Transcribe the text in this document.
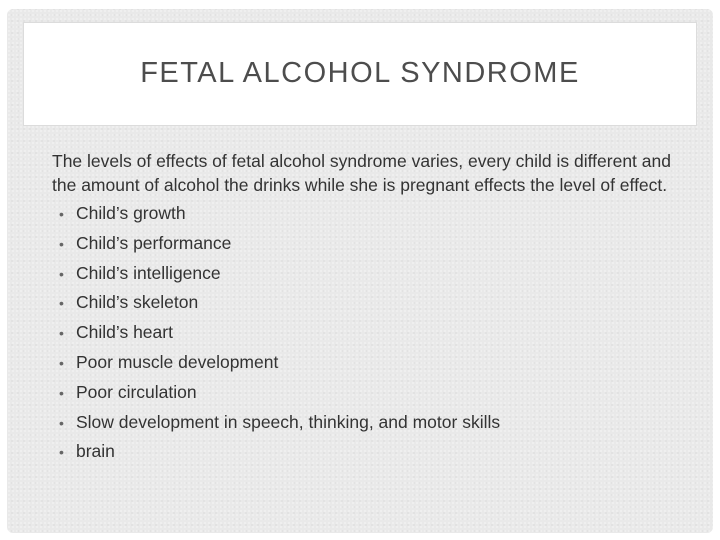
FETAL ALCOHOL SYNDROME

The levels of effects of fetal alcohol syndrome varies, every child is different and the amount of alcohol the drinks while she is pregnant effects the level of effect.

• Child’s growth
• Child’s performance
• Child’s intelligence
• Child’s skeleton
• Child’s heart
• Poor muscle development
• Poor circulation
• Slow development in speech, thinking, and motor skills
• brain
